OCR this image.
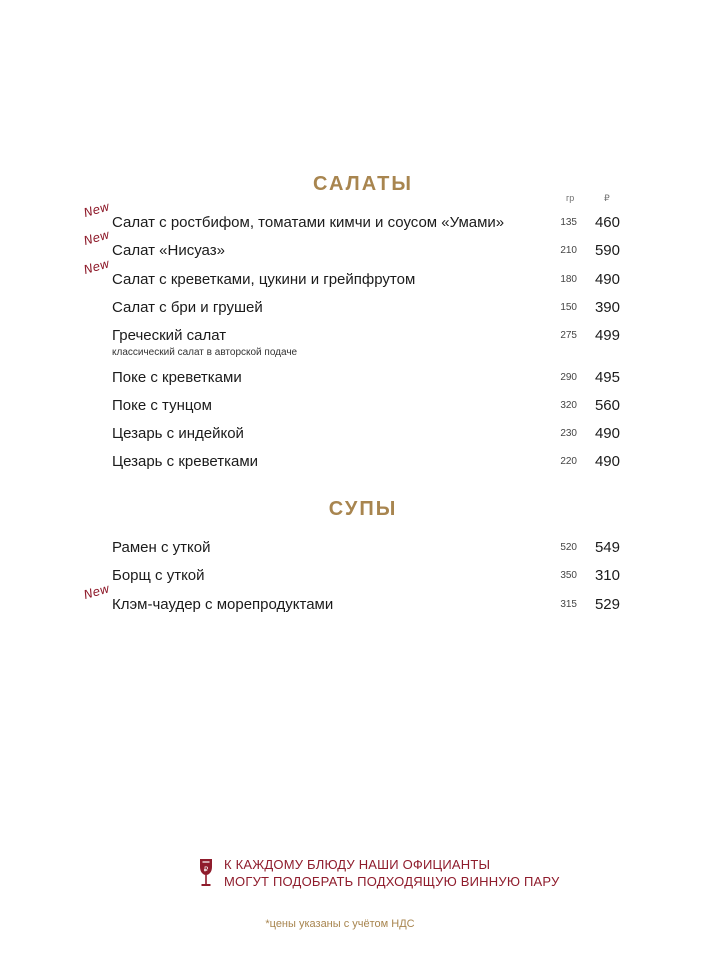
САЛАТЫ
гр	₽
New
Салат с ростбифом, томатами кимчи и соусом «Умами»	135 460
New
Салат «Нисуаз»	210 590
New
Салат с креветками, цукини и грейпфрутом	180 490
Салат с бри и грушей	150 390
Греческий салат
классический салат в авторской подаче
275 499
Поке с креветками	290 495
Поке с тунцом	320 560
Цезарь с индейкой	230 490
Цезарь с креветками	220 490
СУПЫ
Рамен с уткой	520 549
Борщ с уткой	350 310
New
Клэм-чаудер с морепродуктами	315 529
₽ К КАЖДОМУ БЛЮДУ НАШИ ОФИЦИАНТЫ
МОГУТ ПОДОБРАТЬ ПОДХОДЯЩУЮ ВИННУЮ ПАРУ
*цены указаны с учётом НДС
